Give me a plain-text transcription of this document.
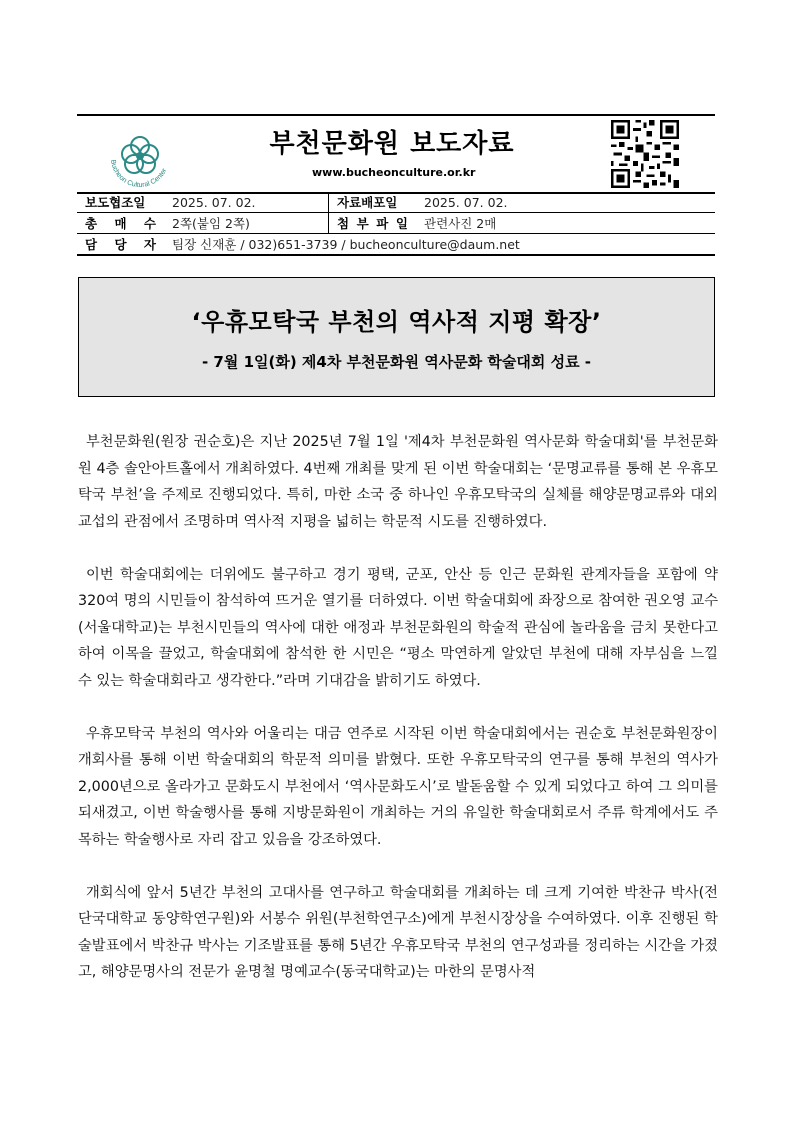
Bucheon Cultural Center
부천문화원 보도자료
www.bucheonculture.or.kr
보도협조일	2025. 07. 02.	자료배포일	2025. 07. 02.
총 매 수	2쪽(붙임 2쪽)	첨 부 파 일	관련사진 2매
담 당 자	팀장 신재훈 / 032)651-3739 / bucheonculture@daum.net		
‘우휴모탁국 부천의 역사적 지평 확장’
- 7월 1일(화) 제4차 부천문화원 역사문화 학술대회 성료 -

부천문화원(원장 권순호)은 지난 2025년 7월 1일 '제4차 부천문화원 역사문화 학술대회'를 부천문화원 4층 솔안아트홀에서 개최하였다. 4번째 개최를 맞게 된 이번 학술대회는 ‘문명교류를 통해 본 우휴모탁국 부천’을 주제로 진행되었다. 특히, 마한 소국 중 하나인 우휴모탁국의 실체를 해양문명교류와 대외 교섭의 관점에서 조명하며 역사적 지평을 넓히는 학문적 시도를 진행하였다.

이번 학술대회에는 더위에도 불구하고 경기 평택, 군포, 안산 등 인근 문화원 관계자들을 포함에 약 320여 명의 시민들이 참석하여 뜨거운 열기를 더하였다. 이번 학술대회에 좌장으로 참여한 권오영 교수(서울대학교)는 부천시민들의 역사에 대한 애정과 부천문화원의 학술적 관심에 놀라움을 금치 못한다고 하여 이목을 끌었고, 학술대회에 참석한 한 시민은 “평소 막연하게 알았던 부천에 대해 자부심을 느낄 수 있는 학술대회라고 생각한다.”라며 기대감을 밝히기도 하였다.

우휴모탁국 부천의 역사와 어울리는 대금 연주로 시작된 이번 학술대회에서는 권순호 부천문화원장이 개회사를 통해 이번 학술대회의 학문적 의미를 밝혔다. 또한 우휴모탁국의 연구를 통해 부천의 역사가 2,000년으로 올라가고 문화도시 부천에서 ‘역사문화도시’로 발돋움할 수 있게 되었다고 하여 그 의미를 되새겼고, 이번 학술행사를 통해 지방문화원이 개최하는 거의 유일한 학술대회로서 주류 학계에서도 주목하는 학술행사로 자리 잡고 있음을 강조하였다.

개회식에 앞서 5년간 부천의 고대사를 연구하고 학술대회를 개최하는 데 크게 기여한 박찬규 박사(전 단국대학교 동양학연구원)와 서봉수 위원(부천학연구소)에게 부천시장상을 수여하였다. 이후 진행된 학술발표에서 박찬규 박사는 기조발표를 통해 5년간 우휴모탁국 부천의 연구성과를 정리하는 시간을 가졌고, 해양문명사의 전문가 윤명철 명예교수(동국대학교)는 마한의 문명사적
